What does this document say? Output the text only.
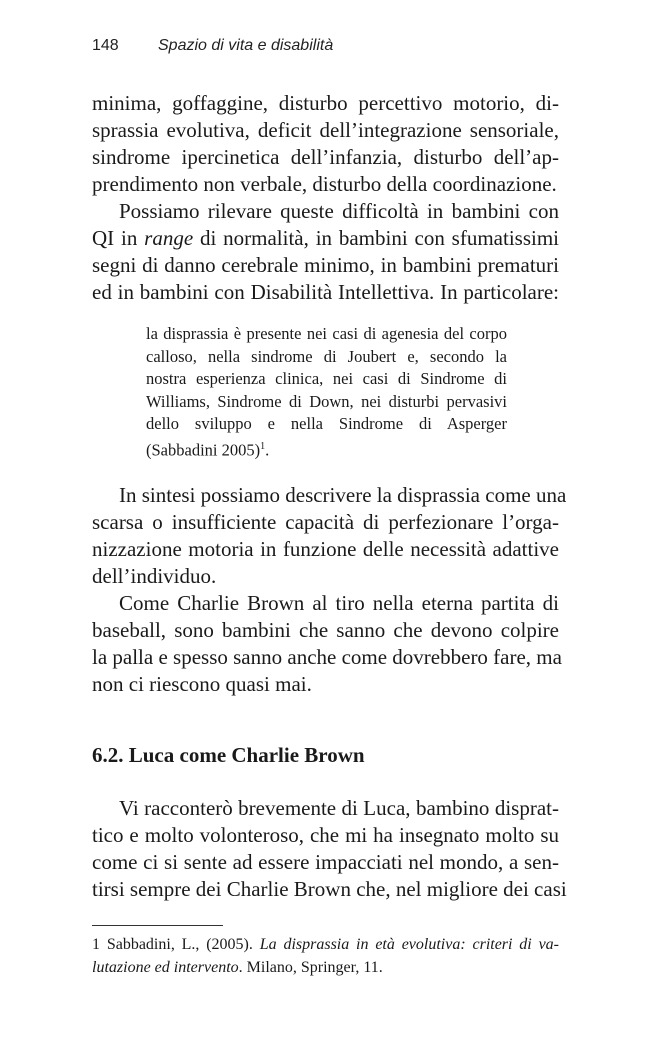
148 Spazio di vita e disabilità

minima, goffaggine, disturbo percettivo motorio, di-
sprassia evolutiva, deficit dell’integrazione sensoriale,
sindrome ipercinetica dell’infanzia, disturbo dell’ap-
prendimento non verbale, disturbo della coordinazione.

Possiamo rilevare queste difficoltà in bambini con
QI in range di normalità, in bambini con sfumatissimi
segni di danno cerebrale minimo, in bambini prematuri
ed in bambini con Disabilità Intellettiva. In particolare:

la disprassia è presente nei casi di agenesia del corpo
calloso, nella sindrome di Joubert e, secondo la
nostra esperienza clinica, nei casi di Sindrome di
Williams, Sindrome di Down, nei disturbi pervasivi
dello sviluppo e nella Sindrome di Asperger
(Sabbadini 2005)$^1$.

In sintesi possiamo descrivere la disprassia come una
scarsa o insufficiente capacità di perfezionare l’orga-
nizzazione motoria in funzione delle necessità adattive
dell’individuo.

Come Charlie Brown al tiro nella eterna partita di
baseball, sono bambini che sanno che devono colpire
la palla e spesso sanno anche come dovrebbero fare, ma
non ci riescono quasi mai.

6.2. Luca come Charlie Brown

Vi racconterò brevemente di Luca, bambino disprat-
tico e molto volonteroso, che mi ha insegnato molto su
come ci si sente ad essere impacciati nel mondo, a sen-
tirsi sempre dei Charlie Brown che, nel migliore dei casi

1 Sabbadini, L., (2005). La disprassia in età evolutiva: criteri di va-
lutazione ed intervento. Milano, Springer, 11.
